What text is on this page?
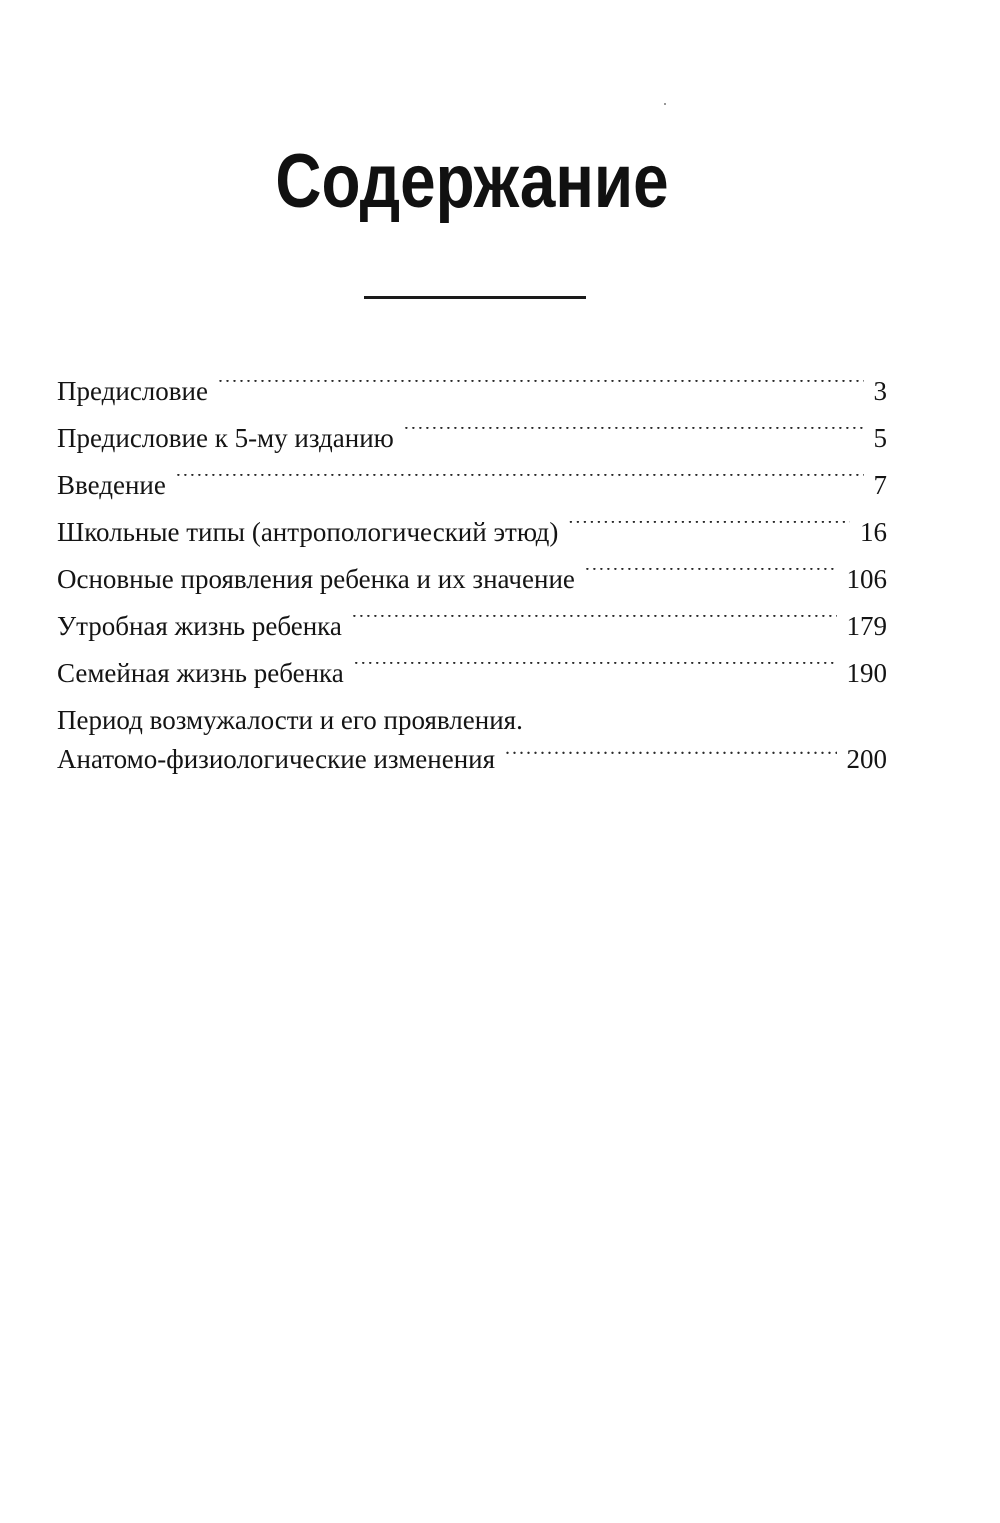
Содержание
Предисловие .....	3
Предисловие к 5-му изданию .....	5
Введение .....	7
Школьные типы (антропологический этюд) .....	16
Основные проявления ребенка и их значение .....	106
Утробная жизнь ребенка .....	179
Семейная жизнь ребенка .....	190
Период возмужалости и его проявления.
Анатомо-физиологические изменения .....	200
